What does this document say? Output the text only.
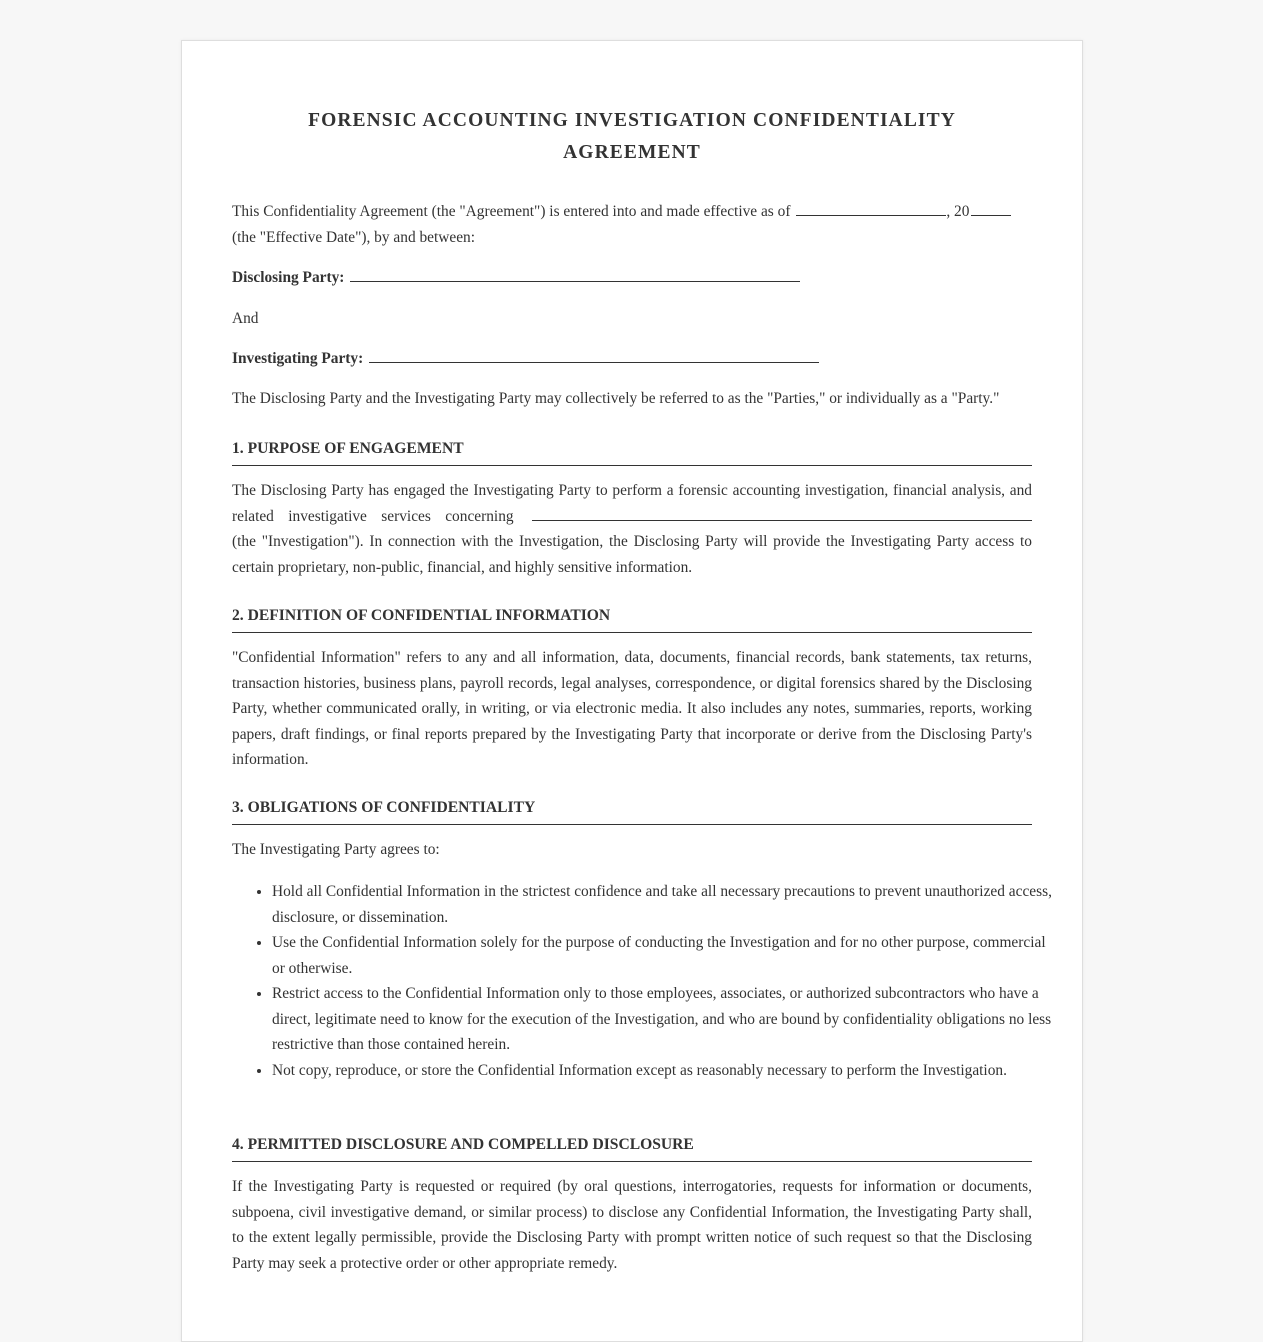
FORENSIC ACCOUNTING INVESTIGATION CONFIDENTIALITY
AGREEMENT

This Confidentiality Agreement (the "Agreement") is entered into and made effective as of	, 20
(the "Effective Date"), by and between:

Disclosing Party:

And

Investigating Party:

The Disclosing Party and the Investigating Party may collectively be referred to as the "Parties," or individually as a "Party."

1. PURPOSE OF ENGAGEMENT

The Disclosing Party has engaged the Investigating Party to perform a forensic accounting investigation, financial analysis, and related investigative services concerning

(the "Investigation"). In connection with the Investigation, the Disclosing Party will provide the Investigating Party access to certain proprietary, non-public, financial, and highly sensitive information.

2. DEFINITION OF CONFIDENTIAL INFORMATION

"Confidential Information" refers to any and all information, data, documents, financial records, bank statements, tax returns, transaction histories, business plans, payroll records, legal analyses, correspondence, or digital forensics shared by the Disclosing Party, whether communicated orally, in writing, or via electronic media. It also includes any notes, summaries, reports, working papers, draft findings, or final reports prepared by the Investigating Party that incorporate or derive from the Disclosing Party's information.

3. OBLIGATIONS OF CONFIDENTIALITY

The Investigating Party agrees to:

• Hold all Confidential Information in the strictest confidence and take all necessary precautions to prevent unauthorized access, disclosure, or dissemination.
• Use the Confidential Information solely for the purpose of conducting the Investigation and for no other purpose, commercial or otherwise.
• Restrict access to the Confidential Information only to those employees, associates, or authorized subcontractors who have a direct, legitimate need to know for the execution of the Investigation, and who are bound by confidentiality obligations no less restrictive than those contained herein.
• Not copy, reproduce, or store the Confidential Information except as reasonably necessary to perform the Investigation.
4. PERMITTED DISCLOSURE AND COMPELLED DISCLOSURE

If the Investigating Party is requested or required (by oral questions, interrogatories, requests for information or documents, subpoena, civil investigative demand, or similar process) to disclose any Confidential Information, the Investigating Party shall, to the extent legally permissible, provide the Disclosing Party with prompt written notice of such request so that the Disclosing Party may seek a protective order or other appropriate remedy.
